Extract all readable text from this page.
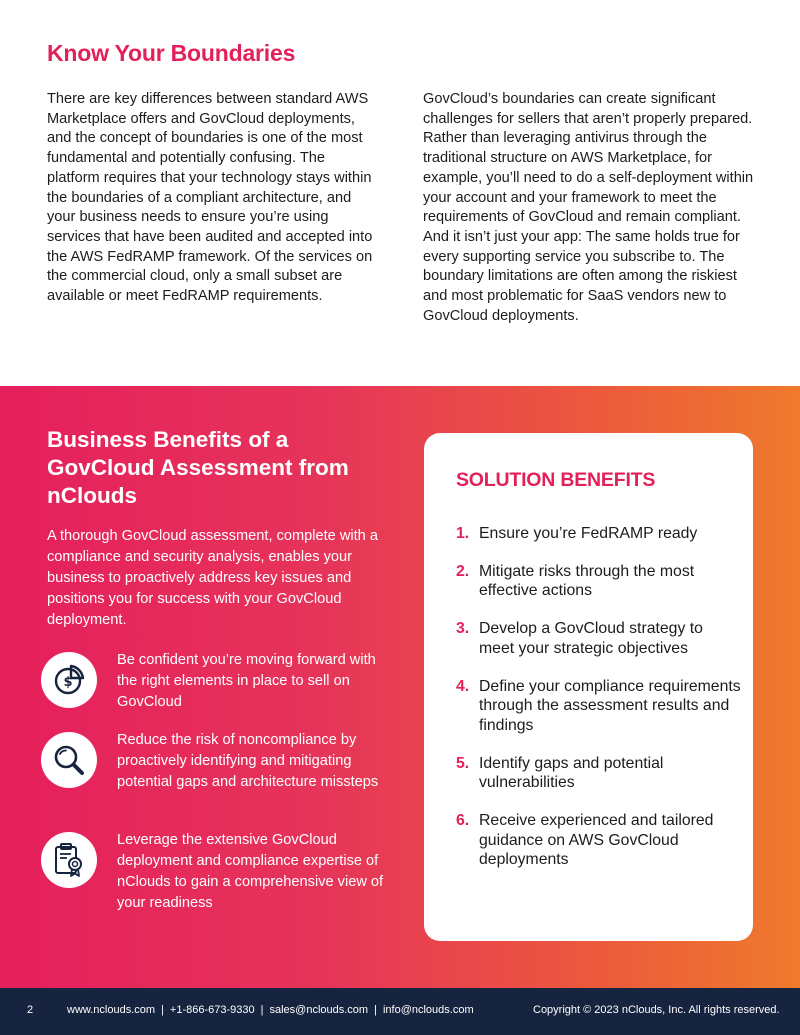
Know Your Boundaries

There are key differences between standard AWS Marketplace offers and GovCloud deployments, and the concept of boundaries is one of the most fundamental and potentially confusing. The platform requires that your technology stays within the boundaries of a compliant architecture, and your business needs to ensure you’re using services that have been audited and accepted into the AWS FedRAMP framework. Of the services on the commercial cloud, only a small subset are available or meet FedRAMP requirements.

GovCloud’s boundaries can create significant challenges for sellers that aren’t properly prepared. Rather than leveraging antivirus through the traditional structure on AWS Marketplace, for example, you’ll need to do a self-deployment within your account and your framework to meet the requirements of GovCloud and remain compliant. And it isn’t just your app: The same holds true for every supporting service you subscribe to. The boundary limitations are often among the riskiest and most problematic for SaaS vendors new to GovCloud deployments.

Business Benefits of a GovCloud Assessment from nClouds

A thorough GovCloud assessment, complete with a compliance and security analysis, enables your business to proactively address key issues and positions you for success with your GovCloud deployment.

$

Be confident you’re moving forward with the right elements in place to sell on GovCloud

Reduce the risk of noncompliance by proactively identifying and mitigating potential gaps and architecture missteps

Leverage the extensive GovCloud deployment and compliance expertise of nClouds to gain a comprehensive view of your readiness

SOLUTION BENEFITS
1. Ensure you’re FedRAMP ready
2. Mitigate risks through the most effective actions
3. Develop a GovCloud strategy to meet your strategic objectives
4. Define your compliance requirements through the assessment results and findings
5. Identify gaps and potential vulnerabilities
6. Receive experienced and tailored guidance on AWS GovCloud deployments
2	www.nclouds.com | +1-866-673-9330 | sales@nclouds.com | info@nclouds.com	Copyright © 2023 nClouds, Inc. All rights reserved.
